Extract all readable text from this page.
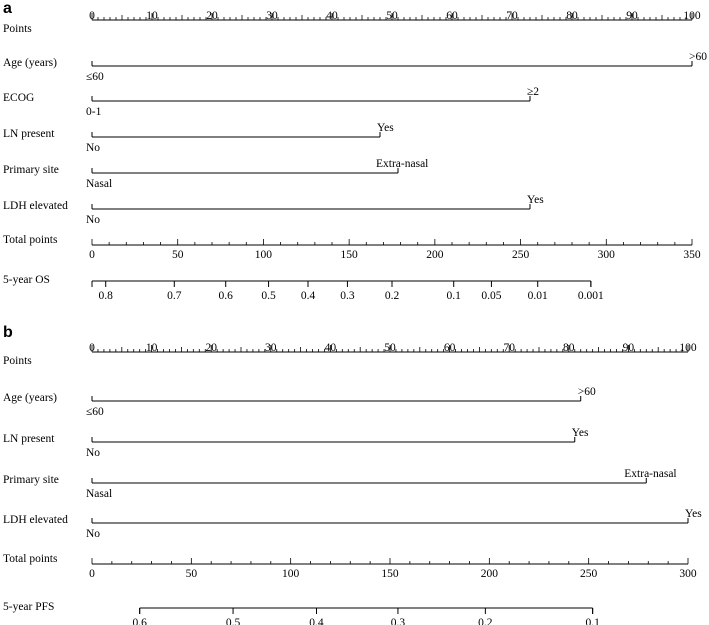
a
Points
0	10	20	30	40	50	60	70	80	90	100
Age (years)
≤60
>60
ECOG
0-1
≥2
LN present
No
Yes
Primary site
Nasal
Extra-nasal
LDH elevated
No
Yes
Total points
0	50	100	150	200	250	300	350
5-year OS
0.8	0.7	0.6 0.5 0.4 0.3	0.2	0.1 0.05 0.01	0.001
b
Points
0	10	20	30	40	50	60	70	80	90	100
Age (years)
≤60
>60
LN present
No
Yes
Primary site
Nasal
Extra-nasal
LDH elevated
No
Yes
Total points
0	50	100	150	200	250	300
5-year PFS
0.6	0.5	0.4	0.3	0.2	0.1
